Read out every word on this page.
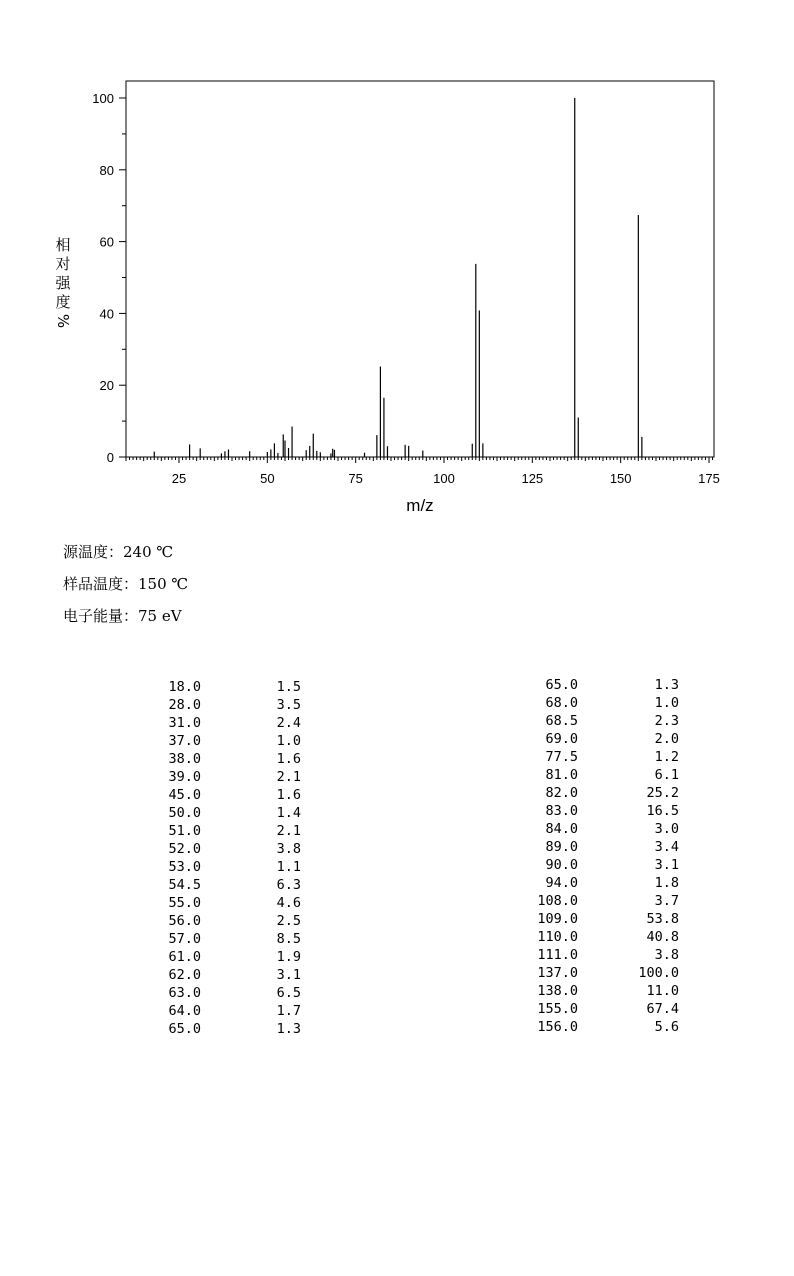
25	50	75	100	125	150	175
0
20
40
60
80
100
m/z
相
对
强
度
%
源温度：240 ℃
样品温度：150 ℃
电子能量：75 eV
18.0	1.5
28.0	3.5
31.0	2.4
37.0	1.0
38.0	1.6
39.0	2.1
45.0	1.6
50.0	1.4
51.0	2.1
52.0	3.8
53.0	1.1
54.5	6.3
55.0	4.6
56.0	2.5
57.0	8.5
61.0	1.9
62.0	3.1
63.0	6.5
64.0	1.7
65.0	1.3
65.0	1.3
68.0	1.0
68.5	2.3
69.0	2.0
77.5	1.2
81.0	6.1
82.0	25.2
83.0	16.5
84.0	3.0
89.0	3.4
90.0	3.1
94.0	1.8
108.0	3.7
109.0	53.8
110.0	40.8
111.0	3.8
137.0	100.0
138.0	11.0
155.0	67.4
156.0	5.6
